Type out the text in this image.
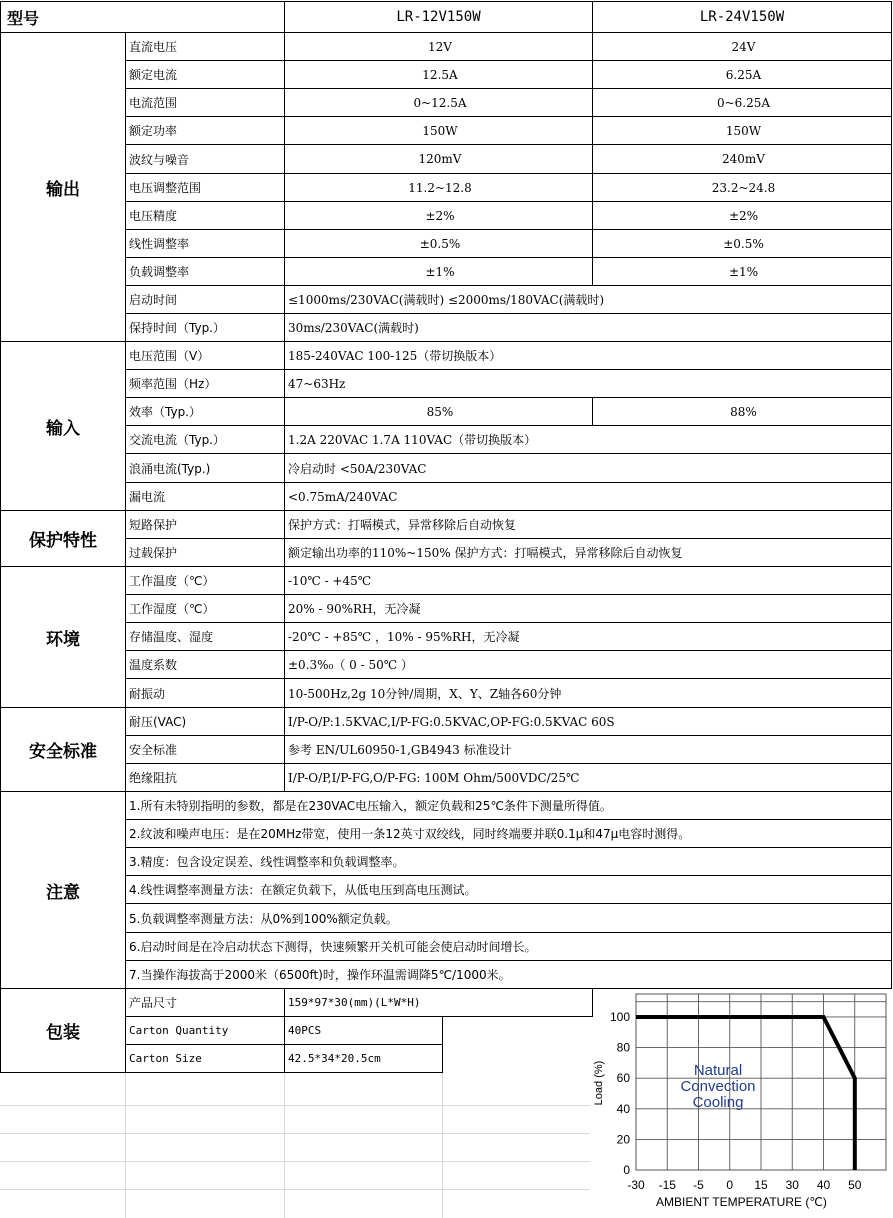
型号	LR-12V150W	LR-24V150W
输出
直流电压	12V	24V
额定电流	12.5A	6.25A
电流范围	0~12.5A	0~6.25A
额定功率	150W	150W
波纹与噪音	120mV	240mV
电压调整范围	11.2~12.8	23.2~24.8
电压精度	±2%	±2%
线性调整率	±0.5%	±0.5%
负载调整率	±1%	±1%
启动时间	≤1000ms/230VAC(满载时) ≤2000ms/180VAC(满载时)
保持时间（Typ.）	30ms/230VAC(满载时)
输入
电压范围（V）	185-240VAC 100-125（带切换版本）
频率范围（Hz）	47~63Hz
效率（Typ.）	85%	88%
交流电流（Typ.）	1.2A 220VAC 1.7A 110VAC（带切换版本）
浪涌电流(Typ.)	冷启动时 <50A/230VAC
漏电流	<0.75mA/240VAC
保护特性
短路保护	保护方式：打嗝模式，异常移除后自动恢复
过载保护	额定输出功率的110%~150% 保护方式：打嗝模式，异常移除后自动恢复
环境
工作温度（℃）	-10℃ - +45℃
工作湿度（℃）	20% - 90%RH，无冷凝
存储温度、湿度	-20℃ - +85℃ ，10% - 95%RH，无冷凝
温度系数	±0.3%₀（ 0 - 50℃ ）
耐振动	10-500Hz,2g 10分钟/周期，X、Y、Z轴各60分钟
安全标准
耐压(VAC)	I/P-O/P:1.5KVAC,I/P-FG:0.5KVAC,OP-FG:0.5KVAC 60S
安全标准	参考 EN/UL60950-1,GB4943 标准设计
绝缘阻抗	I/P-O/P,I/P-FG,O/P-FG: 100M Ohm/500VDC/25℃
注意
1.所有未特别指明的参数，都是在230VAC电压输入，额定负载和25℃条件下测量所得值。
2.纹波和噪声电压：是在20MHz带宽，使用一条12英寸双绞线，同时终端要并联0.1μ和47μ电容时测得。
3.精度：包含设定误差、线性调整率和负载调整率。
4.线性调整率测量方法：在额定负载下，从低电压到高电压测试。
5.负载调整率测量方法：从0%到100%额定负载。
6.启动时间是在冷启动状态下测得，快速频繁开关机可能会使启动时间增长。
7.当操作海拔高于2000米（6500ft)时，操作环温需调降5℃/1000米。
包装
产品尺寸	159*97*30(mm)(L*W*H)
Carton Quantity	40PCS
Carton Size	42.5*34*20.5cm
0
20
40
60
80
100
-30 -15 -5 0 15 30 40 50
Natural
Convection
Cooling
Load (%)
AMBIENT TEMPERATURE (℃)
